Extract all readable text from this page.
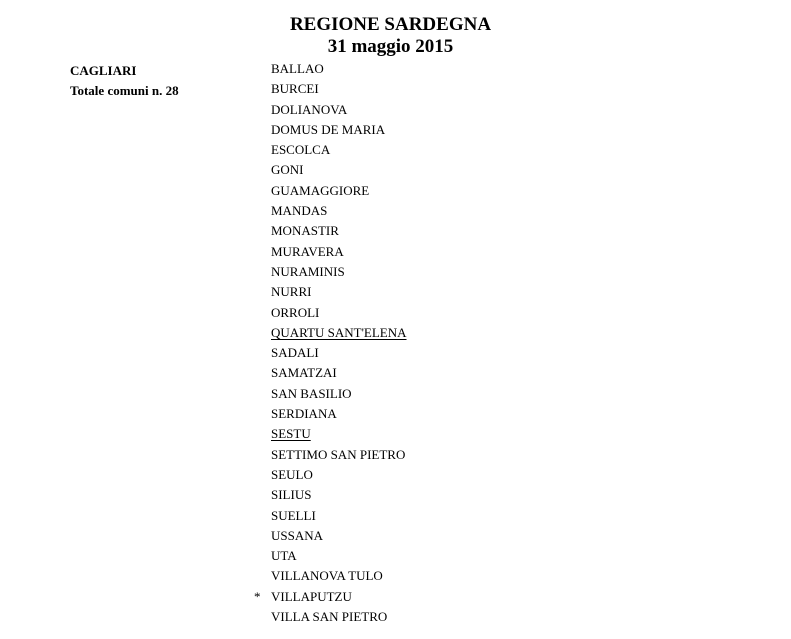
REGIONE SARDEGNA
31 maggio 2015
CAGLIARI
Totale comuni n. 28
BALLAO
BURCEI
DOLIANOVA
DOMUS DE MARIA
ESCOLCA
GONI
GUAMAGGIORE
MANDAS
MONASTIR
MURAVERA
NURAMINIS
NURRI
ORROLI
QUARTU SANT'ELENA
SADALI
SAMATZAI
SAN BASILIO
SERDIANA
SESTU
SETTIMO SAN PIETRO
SEULO
SILIUS
SUELLI
USSANA
UTA
VILLANOVA TULO
* VILLAPUTZU
VILLA SAN PIETRO
